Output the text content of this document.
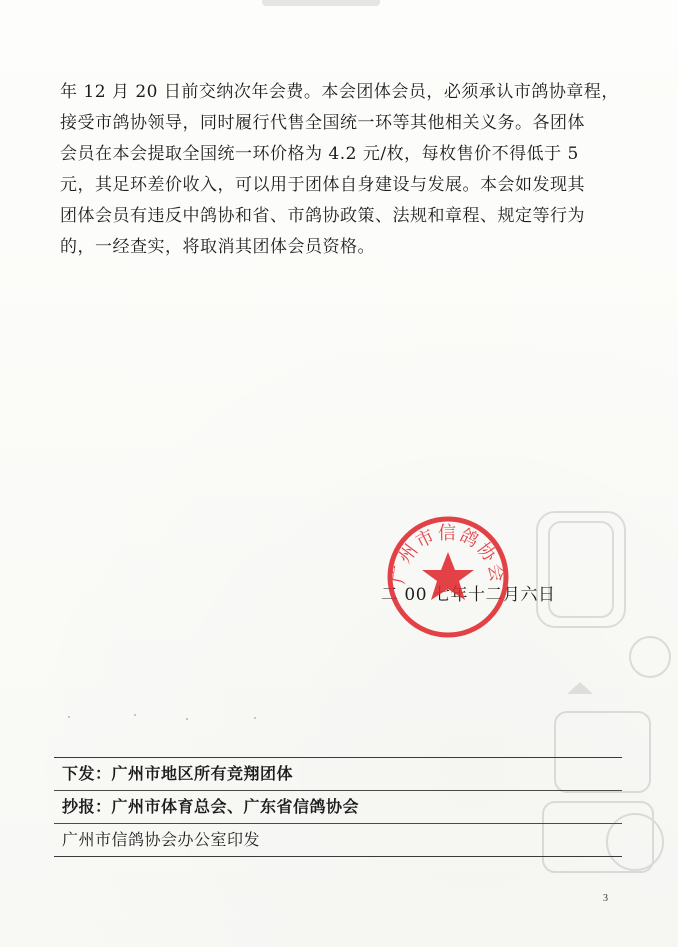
年 12 月 20 日前交纳次年会费。本会团体会员，必须承认市鸽协章程，
接受市鸽协领导，同时履行代售全国统一环等其他相关义务。各团体
会员在本会提取全国统一环价格为 4.2 元/枚，每枚售价不得低于 5
元，其足环差价收入，可以用于团体自身建设与发展。本会如发现其
团体会员有违反中鸽协和省、市鸽协政策、法规和章程、规定等行为
的，一经查实，将取消其团体会员资格。
二 00 七年十二月六日
广州市信鸽协会
下发：广州市地区所有竞翔团体
抄报：广州市体育总会、广东省信鸽协会
广州市信鸽协会办公室印发
3
